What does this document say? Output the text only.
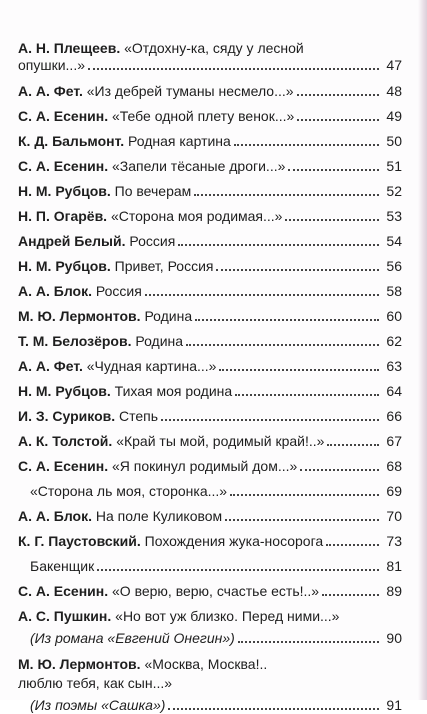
А. Н. Плещеев. «Отдохну-ка, сяду у лесной
опушки...»	47
А. А. Фет. «Из дебрей туманы несмело...»	48
С. А. Есенин. «Тебе одной плету венок...»	49
К. Д. Бальмонт. Родная картина	50
С. А. Есенин. «Запели тёсаные дроги...»	51
Н. М. Рубцов. По вечерам	52
Н. П. Огарёв. «Сторона моя родимая...»	53
Андрей Белый. Россия	54
Н. М. Рубцов. Привет, Россия	56
А. А. Блок. Россия	58
М. Ю. Лермонтов. Родина	60
Т. М. Белозёров. Родина	62
А. А. Фет. «Чудная картина...»	63
Н. М. Рубцов. Тихая моя родина	64
И. З. Суриков. Степь	66
А. К. Толстой. «Край ты мой, родимый край!..»	67
С. А. Есенин. «Я покинул родимый дом...»	68
«Сторона ль моя, сторонка...»	69
А. А. Блок. На поле Куликовом	70
К. Г. Паустовский. Похождения жука-носорога	73
Бакенщик	81
С. А. Есенин. «О верю, верю, счастье есть!..»	89
А. С. Пушкин. «Но вот уж близко. Перед ними...»
(Из романа «Евгений Онегин»)	90
М. Ю. Лермонтов. «Москва, Москва!..
люблю тебя, как сын...»
(Из поэмы «Сашка»)	91
